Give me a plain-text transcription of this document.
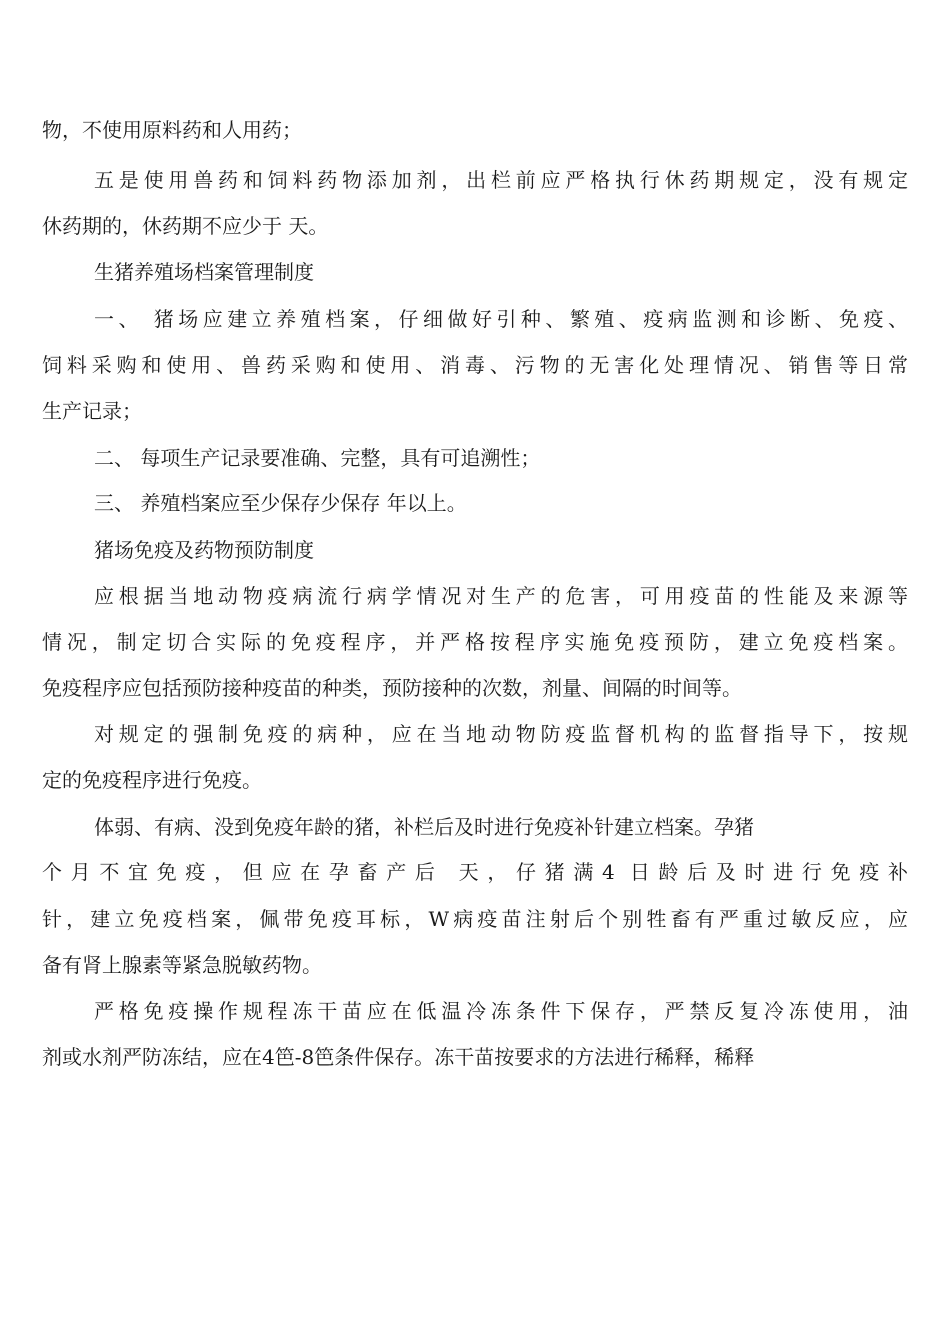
物，不使用原料药和人用药；
五是使用兽药和饲料药物添加剂，出栏前应严格执行休药期规定，没有规定
休药期的，休药期不应少于 天。
生猪养殖场档案管理制度
一、 猪场应建立养殖档案，仔细做好引种、繁殖、疫病监测和诊断、免疫、
饲料采购和使用、兽药采购和使用、消毒、污物的无害化处理情况、销售等日常
生产记录；
二、 每项生产记录要准确、完整，具有可追溯性；
三、 养殖档案应至少保存少保存 年以上。
猪场免疫及药物预防制度
应根据当地动物疫病流行病学情况对生产的危害，可用疫苗的性能及来源等
情况，制定切合实际的免疫程序，并严格按程序实施免疫预防，建立免疫档案。
免疫程序应包括预防接种疫苗的种类，预防接种的次数，剂量、间隔的时间等。
对规定的强制免疫的病种，应在当地动物防疫监督机构的监督指导下，按规
定的免疫程序进行免疫。
体弱、有病、没到免疫年龄的猪，补栏后及时进行免疫补针建立档案。孕猪
个月不宜免疫，但应在孕畜产后 天，仔猪满4 日龄后及时进行免疫补
针，建立免疫档案，佩带免疫耳标，W病疫苗注射后个别牲畜有严重过敏反应，应
备有肾上腺素等紧急脱敏药物。
严格免疫操作规程冻干苗应在低温冷冻条件下保存，严禁反复冷冻使用，油
剂或水剂严防冻结，应在4笆-8笆条件保存。冻干苗按要求的方法进行稀释，稀释
